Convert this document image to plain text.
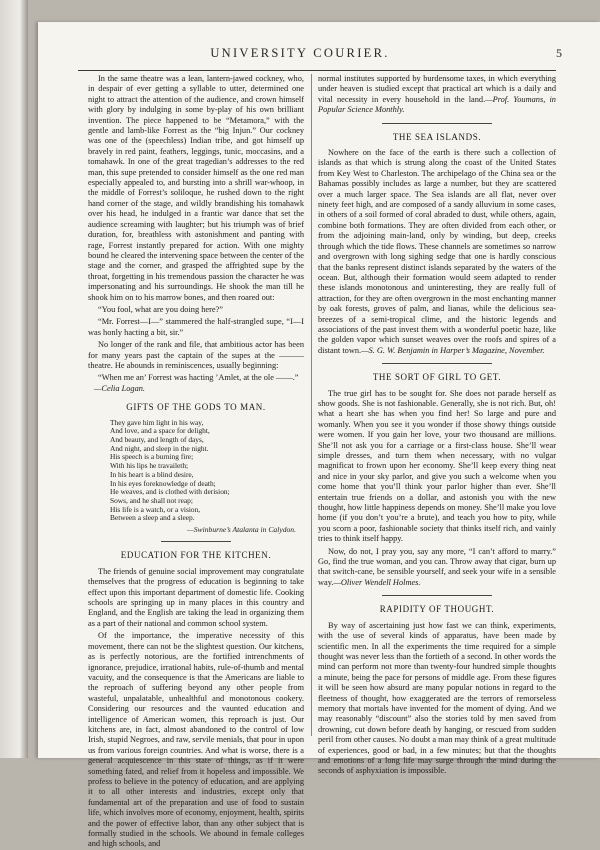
UNIVERSITY COURIER.	5

In the same theatre was a lean, lantern-jawed cockney, who, in despair of ever getting a syllable to utter, determined one night to attract the attention of the audience, and crown himself with glory by indulging in some by-play of his own brilliant invention. The piece happened to be “Metamora,” with the gentle and lamb-like Forrest as the “big Injun.” Our cockney was one of the (speechless) Indian tribe, and got himself up bravely in red paint, feathers, leggings, tunic, moccasins, and a tomahawk. In one of the great tragedian’s addresses to the red man, this supe pretended to consider himself as the one red man especially appealed to, and bursting into a shrill war-whoop, in the middle of Forrest’s soliloque, he rushed down to the right hand corner of the stage, and wildly brandishing his tomahawk over his head, he indulged in a frantic war dance that set the audience screaming with laughter; but his triumph was of brief duration, for, breathless with astonishment and panting with rage, Forrest instantly prepared for action. With one mighty bound he cleared the intervening space between the center of the stage and the corner, and grasped the affrighted supe by the throat, forgetting in his tremendous passion the character he was impersonating and his surroundings. He shook the man till he shook him on to his marrow bones, and then roared out:

“You fool, what are you doing here?”

“Mr. Forrest—I—” stammered the half-strangled supe, “I—I was honly hacting a bit, sir.”

No longer of the rank and file, that ambitious actor has been for many years past the captain of the supes at the ——— theatre. He abounds in reminiscences, usually beginning:

“When me an’ Forrest was hacting ’Amlet, at the ole ——.”

—Celia Logan.
GIFTS OF THE GODS TO MAN.
They gave him light in his way,
And love, and a space for delight,
And beauty, and length of days,
And night, and sleep in the night.
His speech is a burning fire;
With his lips he travaileth;
In his heart is a blind desire,
In his eyes foreknowledge of death;
He weaves, and is clothed with derision;
Sows, and he shall not reap;
His life is a watch, or a vision,
Between a sleep and a sleep.
—Swinburne’s Atalanta in Calydon.
EDUCATION FOR THE KITCHEN.

The friends of genuine social improvement may congratulate themselves that the progress of education is beginning to take effect upon this important department of domestic life. Cooking schools are springing up in many places in this country and England, and the English are taking the lead in organizing them as a part of their national and common school system.

Of the importance, the imperative necessity of this movement, there can not be the slightest question. Our kitchens, as is perfectly notorious, are the fortified intrenchments of ignorance, prejudice, irrational habits, rule-of-thumb and mental vacuity, and the consequence is that the Americans are liable to the reproach of suffering beyond any other people from wasteful, unpalatable, unhealthful and monotonous cookery. Considering our resources and the vaunted education and intelligence of American women, this reproach is just. Our kitchens are, in fact, almost abandoned to the control of low Irish, stupid Negroes, and raw, servile menials, that pour in upon us from various foreign countries. And what is worse, there is a general acquiescence in this state of things, as if it were something fated, and relief from it hopeless and impossible. We profess to believe in the potency of education, and are applying it to all other interests and industries, except only that fundamental art of the preparation and use of food to sustain life, which involves more of economy, enjoyment, health, spirits and the power of effective labor, than any other subject that is formally studied in the schools. We abound in female colleges and high schools, and

normal institutes supported by burdensome taxes, in which everything under heaven is studied except that practical art which is a daily and vital necessity in every household in the land.—Prof. Youmans, in Popular Science Monthly.

THE SEA ISLANDS.

Nowhere on the face of the earth is there such a collection of islands as that which is strung along the coast of the United States from Key West to Charleston. The archipelago of the China sea or the Bahamas possibly includes as large a number, but they are scattered over a much larger space. The Sea islands are all flat, never over ninety feet high, and are composed of a sandy alluvium in some cases, in others of a soil formed of coral abraded to dust, while others, again, combine both formations. They are often divided from each other, or from the adjoining main-land, only by winding, but deep, creeks through which the tide flows. These channels are sometimes so narrow and overgrown with long sighing sedge that one is hardly conscious that the banks represent distinct islands separated by the waters of the ocean. But, although their formation would seem adapted to render these islands monotonous and uninteresting, they are really full of attraction, for they are often overgrown in the most enchanting manner by oak forests, groves of palm, and lianas, while the delicious sea-breezes of a semi-tropical clime, and the historic legends and associations of the past invest them with a wonderful poetic haze, like the golden vapor which sunset weaves over the roofs and spires of a distant town.—S. G. W. Benjamin in Harper’s Magazine, November.

THE SORT OF GIRL TO GET.

The true girl has to be sought for. She does not parade herself as show goods. She is not fashionable. Generally, she is not rich. But, oh! what a heart she has when you find her! So large and pure and womanly. When you see it you wonder if those showy things outside were women. If you gain her love, your two thousand are millions. She’ll not ask you for a carriage or a first-class house. She’ll wear simple dresses, and turn them when necessary, with no vulgar magnificat to frown upon her economy. She’ll keep every thing neat and nice in your sky parlor, and give you such a welcome when you come home that you’ll think your parlor higher than ever. She’ll entertain true friends on a dollar, and astonish you with the new thought, how little happiness depends on money. She’ll make you love home (if you don’t you’re a brute), and teach you how to pity, while you scorn a poor, fashionable society that thinks itself rich, and vainly tries to think itself happy.

Now, do not, I pray you, say any more, “I can’t afford to marry.” Go, find the true woman, and you can. Throw away that cigar, burn up that switch-cane, be sensible yourself, and seek your wife in a sensible way.—Oliver Wendell Holmes.

RAPIDITY OF THOUGHT.

By way of ascertaining just how fast we can think, experiments, with the use of several kinds of apparatus, have been made by scientific men. In all the experiments the time required for a simple thought was never less than the fortieth of a second. In other words the mind can perform not more than twenty-four hundred simple thoughts a minute, being the pace for persons of middle age. From these figures it will be seen how absurd are many popular notions in regard to the fleetness of thought, how exaggerated are the terrors of remorseless memory that mortals have invented for the moment of dying. And we may reasonably “discount” also the stories told by men saved from drowning, cut down before death by hanging, or rescued from sudden peril from other causes. No doubt a man may think of a great multitude of experiences, good or bad, in a few minutes; but that the thoughts and emotions of a long life may surge through the mind during the seconds of asphyxiation is impossible.
